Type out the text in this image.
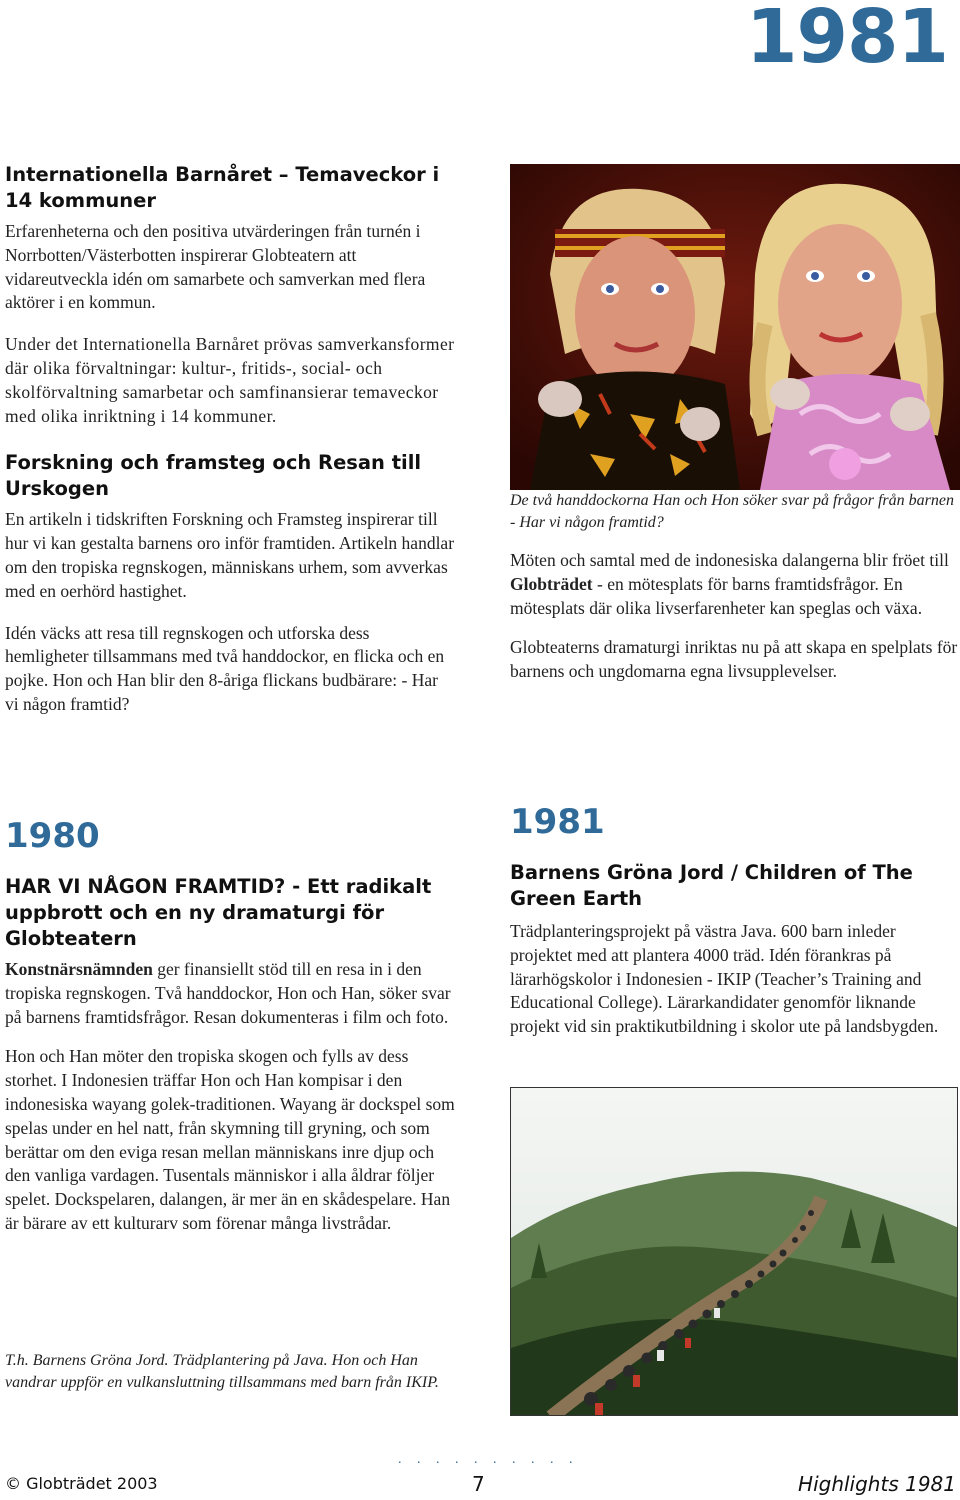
1981

Internationella Barnåret – Temaveckor i 14 kommuner

Erfarenheterna och den positiva utvärderingen från turnén i Norrbotten/Västerbotten inspirerar Globteatern att vidareutveckla idén om samarbete och samverkan med flera aktörer i en kommun.

Under det Internationella Barnåret prövas samverkansformer där olika förvaltningar: kultur-, fritids-, social- och skolförvaltning samarbetar och samfinansierar temaveckor med olika inriktning i 14 kommuner.

Forskning och framsteg och Resan till Urskogen

En artikeln i tidskriften Forskning och Framsteg inspirerar till hur vi kan gestalta barnens oro inför framtiden. Artikeln handlar om den tropiska regnskogen, människans urhem, som avverkas med en oerhörd hastighet.

Idén väcks att resa till regnskogen och utforska dess hemligheter tillsammans med två handdockor, en flicka och en pojke. Hon och Han blir den 8-åriga flickans budbärare: - Har vi någon framtid?

1980

HAR VI NÅGON FRAMTID? - Ett radikalt uppbrott och en ny dramaturgi för Globteatern

Konstnärsnämnden ger finansiellt stöd till en resa in i den tropiska regnskogen. Två handdockor, Hon och Han, söker svar på barnens framtidsfrågor. Resan dokumenteras i film och foto.

Hon och Han möter den tropiska skogen och fylls av dess storhet. I Indonesien träffar Hon och Han kompisar i den indonesiska wayang golek-traditionen. Wayang är dockspel som spelas under en hel natt, från skymning till gryning, och som berättar om den eviga resan mellan människans inre djup och den vanliga vardagen. Tusentals människor i alla åldrar följer spelet. Dockspelaren, dalangen, är mer än en skådespelare. Han är bärare av ett kulturarv som förenar många livstrådar.

T.h. Barnens Gröna Jord. Trädplantering på Java. Hon och Han vandrar uppför en vulkansluttning tillsammans med barn från IKIP.

De två handdockorna Han och Hon söker svar på frågor från barnen - Har vi någon framtid?

Möten och samtal med de indonesiska dalangerna blir fröet till Globträdet - en mötesplats för barns framtidsfrågor. En mötesplats där olika livserfarenheter kan speglas och växa.

Globteaterns dramaturgi inriktas nu på att skapa en spelplats för barnens och ungdomarna egna livsupplevelser.

1981

Barnens Gröna Jord / Children of The Green Earth

Trädplanteringsprojekt på västra Java. 600 barn inleder projektet med att plantera 4000 träd. Idén förankras på lärarhögskolor i Indonesien - IKIP (Teacher’s Training and Educational College). Lärarkandidater genomför liknande projekt vid sin praktikutbildning i skolor ute på landsbygden.

© Globträdet 2003
. . . . . . . . . .
7	Highlights 1981
